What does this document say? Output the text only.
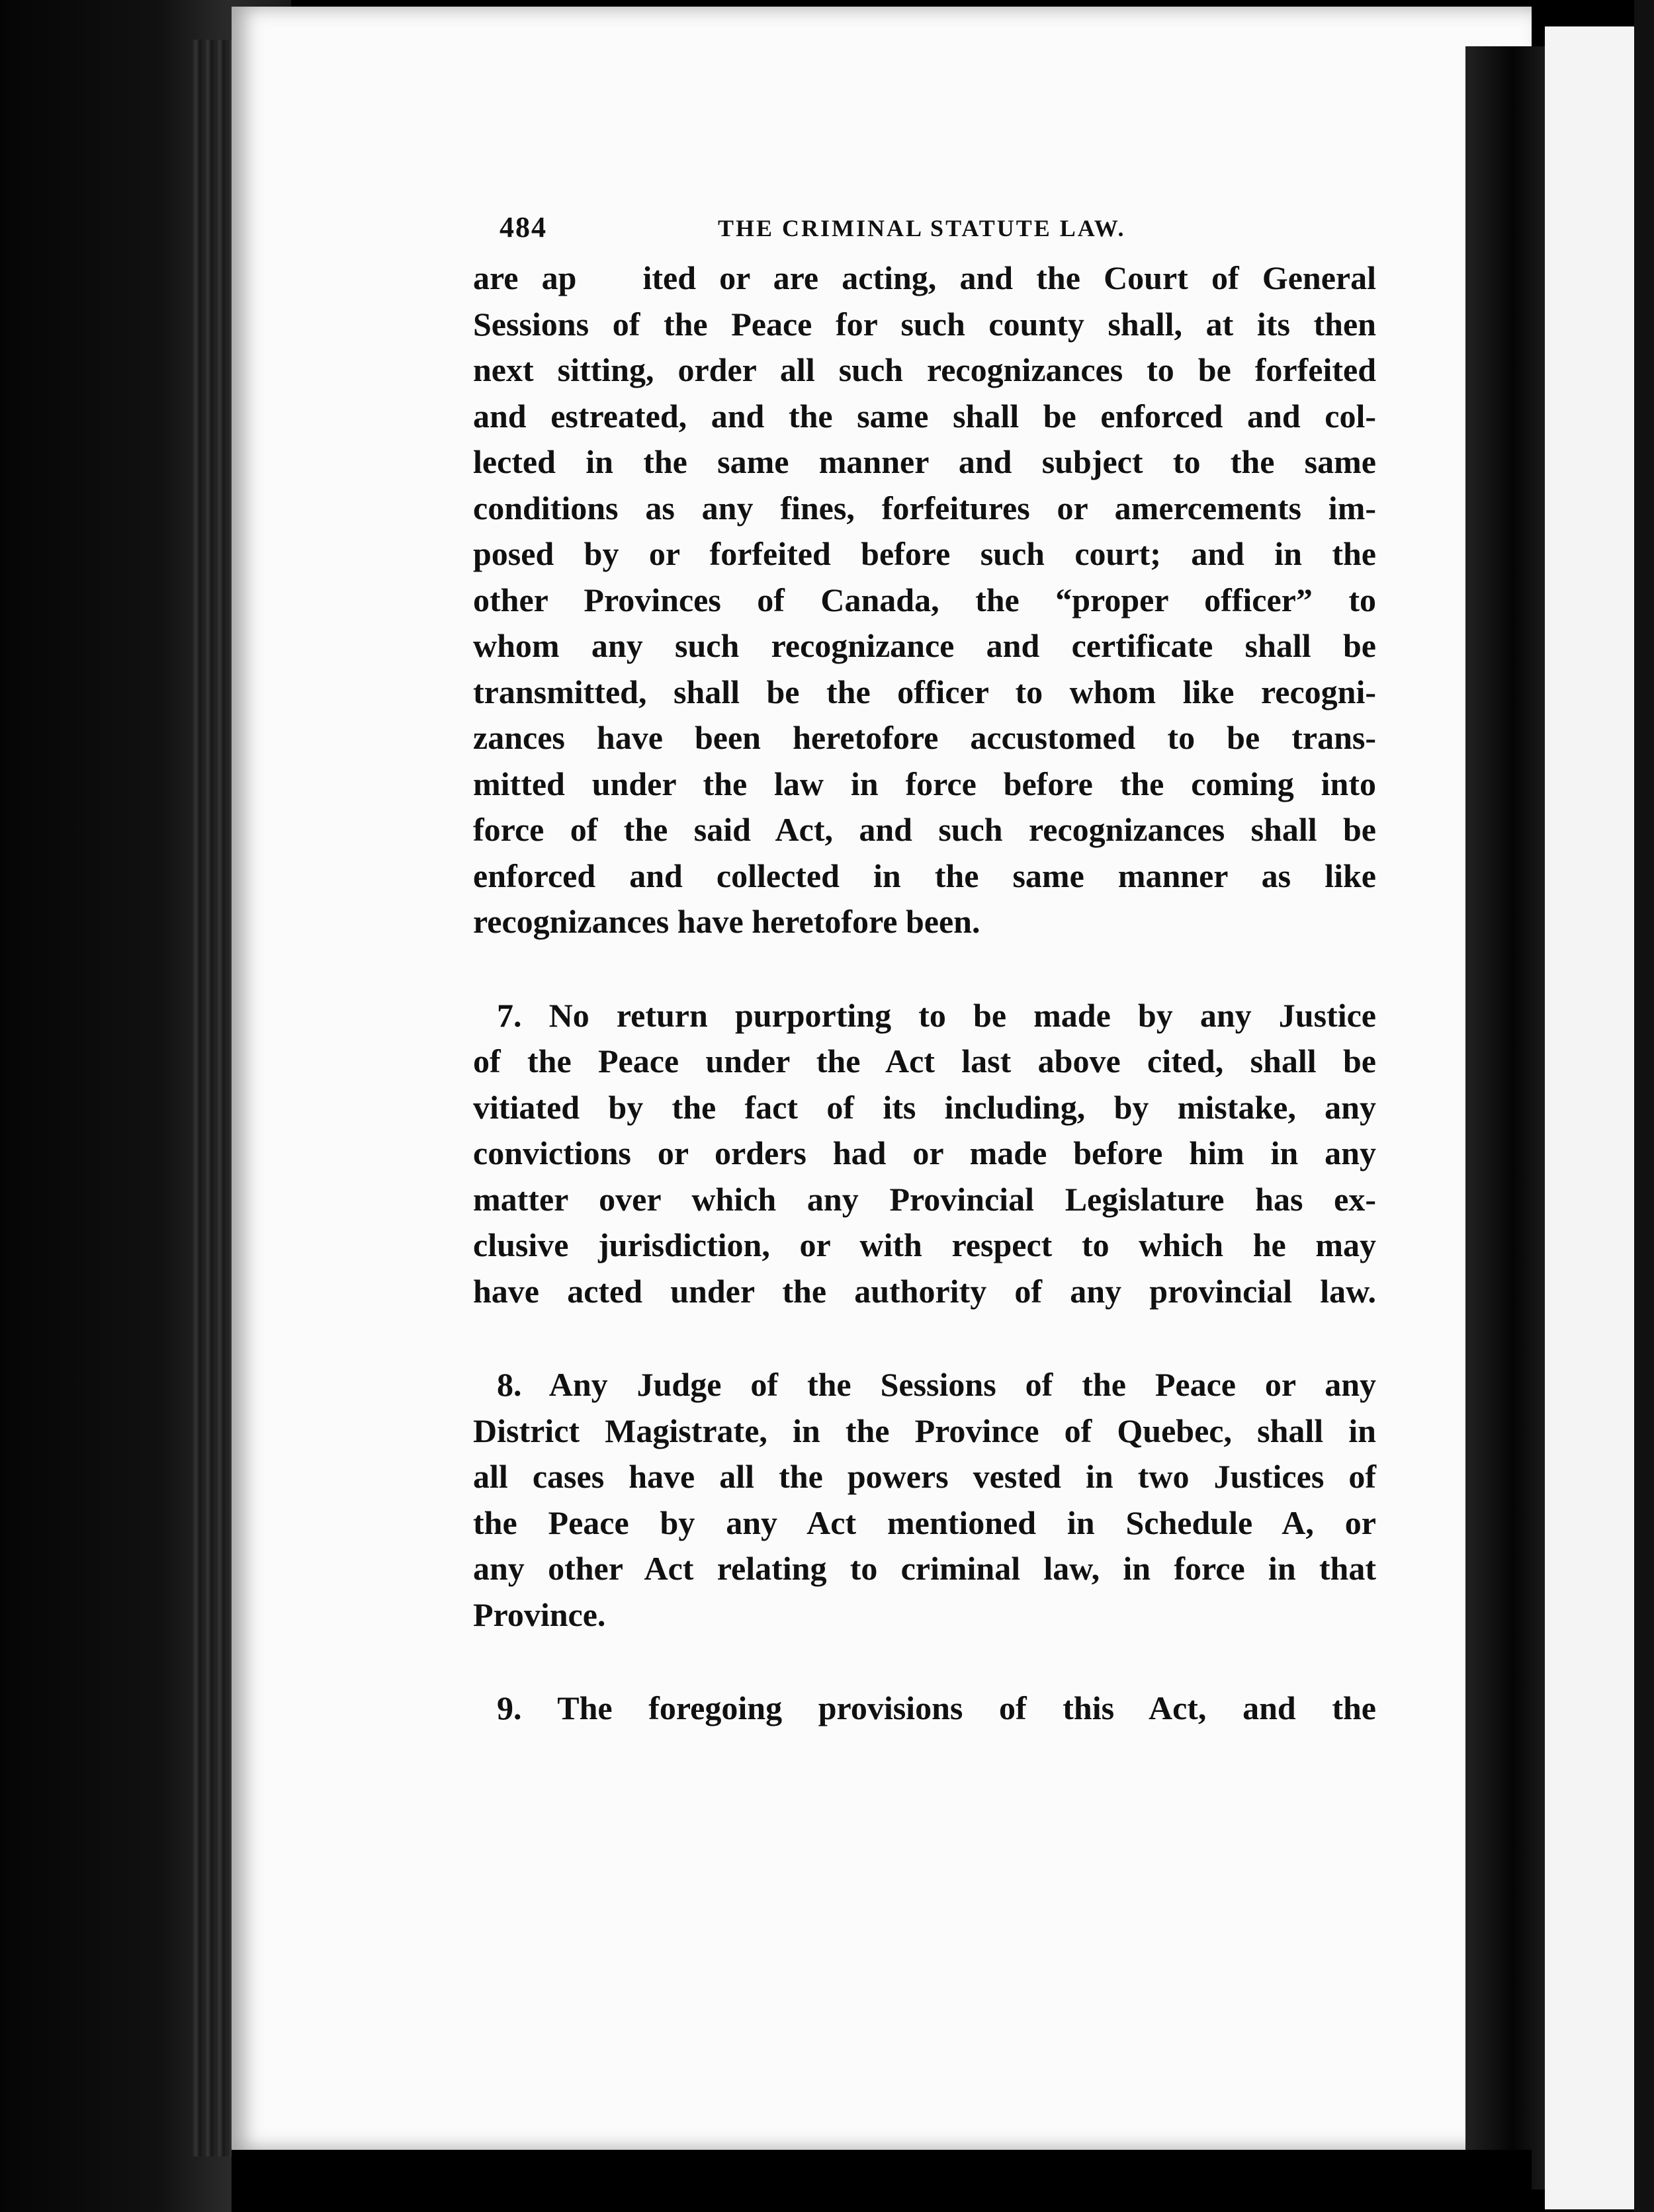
484	THE CRIMINAL STATUTE LAW.
are ap  ited or are acting, and the Court of General
Sessions of the Peace for such county shall, at its then
next sitting, order all such recognizances to be forfeited
and estreated, and the same shall be enforced and col-
lected in the same manner and subject to the same
conditions as any fines, forfeitures or amercements im-
posed by or forfeited before such court; and in the
other Provinces of Canada, the “proper officer” to
whom any such recognizance and certificate shall be
transmitted, shall be the officer to whom like recogni-
zances have been heretofore accustomed to be trans-
mitted under the law in force before the coming into
force of the said Act, and such recognizances shall be
enforced and collected in the same manner as like
recognizances have heretofore been.
7. No return purporting to be made by any Justice
of the Peace under the Act last above cited, shall be
vitiated by the fact of its including, by mistake, any
convictions or orders had or made before him in any
matter over which any Provincial Legislature has ex-
clusive jurisdiction, or with respect to which he may
have acted under the authority of any provincial law.
8. Any Judge of the Sessions of the Peace or any
District Magistrate, in the Province of Quebec, shall in
all cases have all the powers vested in two Justices of
the Peace by any Act mentioned in Schedule A, or
any other Act relating to criminal law, in force in that
Province.
9. The foregoing provisions of this Act, and the
